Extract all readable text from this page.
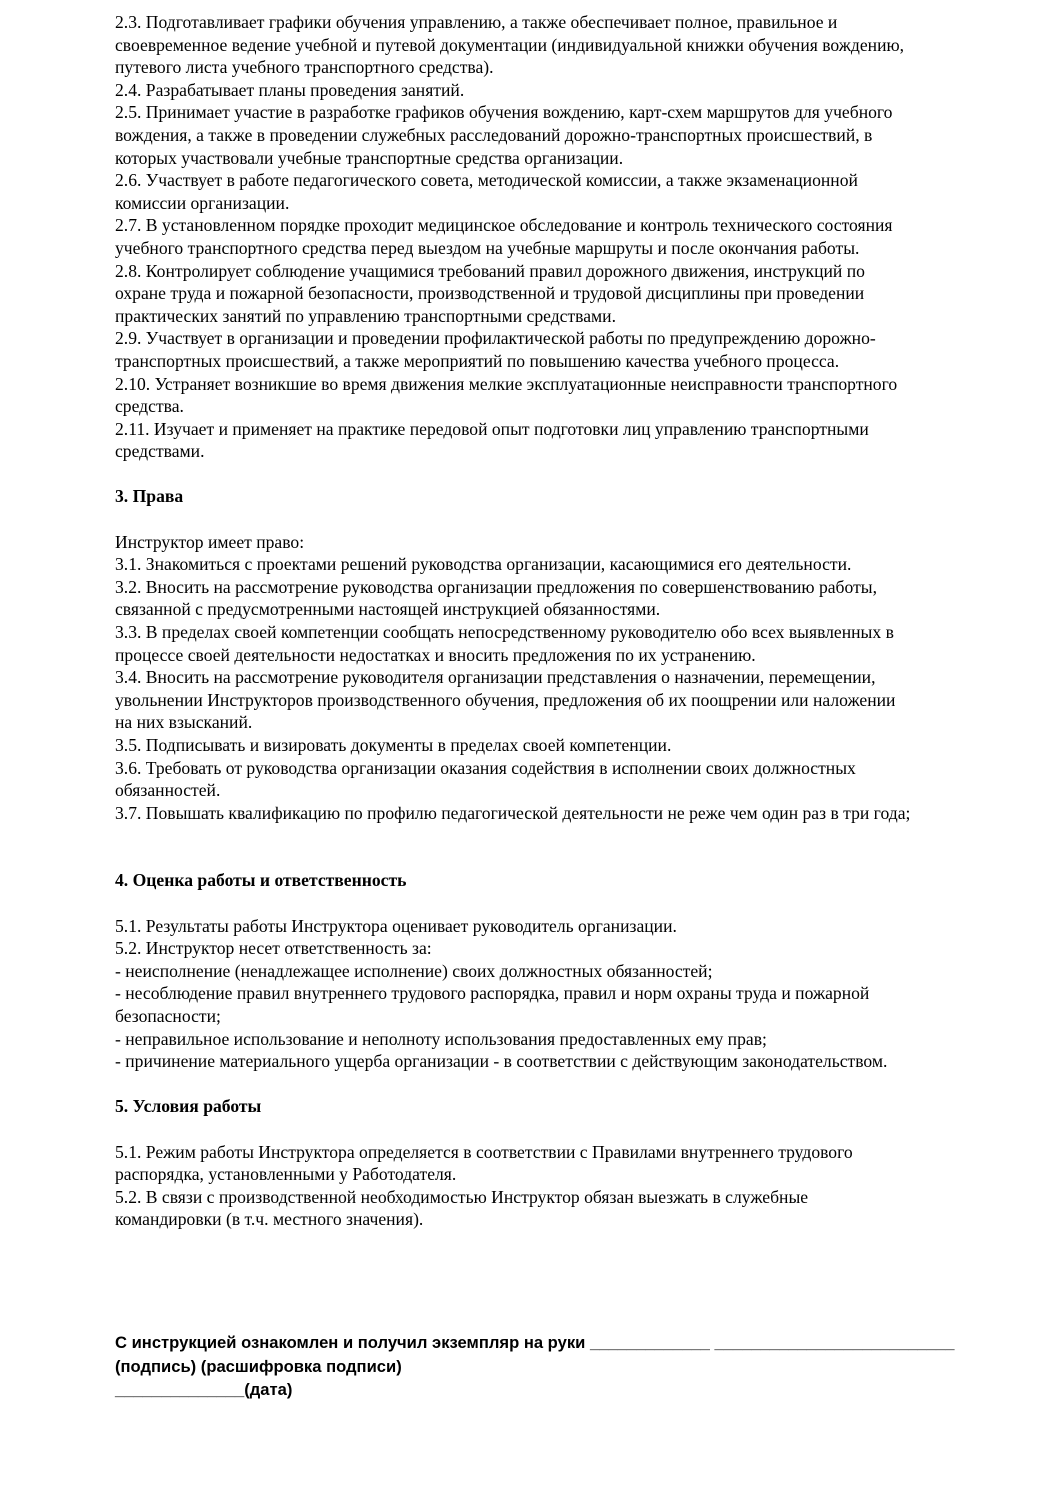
2.3. Подготавливает графики обучения управлению, а также обеспечивает полное, правильное и
своевременное ведение учебной и путевой документации (индивидуальной книжки обучения вождению,
путевого листа учебного транспортного средства).
2.4. Разрабатывает планы проведения занятий.
2.5. Принимает участие в разработке графиков обучения вождению, карт-схем маршрутов для учебного
вождения, а также в проведении служебных расследований дорожно-транспортных происшествий, в
которых участвовали учебные транспортные средства организации.
2.6. Участвует в работе педагогического совета, методической комиссии, а также экзаменационной
комиссии организации.
2.7. В установленном порядке проходит медицинское обследование и контроль технического состояния
учебного транспортного средства перед выездом на учебные маршруты и после окончания работы.
2.8. Контролирует соблюдение учащимися требований правил дорожного движения, инструкций по
охране труда и пожарной безопасности, производственной и трудовой дисциплины при проведении
практических занятий по управлению транспортными средствами.
2.9. Участвует в организации и проведении профилактической работы по предупреждению дорожно-
транспортных происшествий, а также мероприятий по повышению качества учебного процесса.
2.10. Устраняет возникшие во время движения мелкие эксплуатационные неисправности транспортного
средства.
2.11. Изучает и применяет на практике передовой опыт подготовки лиц управлению транспортными
средствами.
3. Права
Инструктор имеет право:
3.1. Знакомиться с проектами решений руководства организации, касающимися его деятельности.
3.2. Вносить на рассмотрение руководства организации предложения по совершенствованию работы,
связанной с предусмотренными настоящей инструкцией обязанностями.
3.3. В пределах своей компетенции сообщать непосредственному руководителю обо всех выявленных в
процессе своей деятельности недостатках и вносить предложения по их устранению.
3.4. Вносить на рассмотрение руководителя организации представления о назначении, перемещении,
увольнении Инструкторов производственного обучения, предложения об их поощрении или наложении
на них взысканий.
3.5. Подписывать и визировать документы в пределах своей компетенции.
3.6. Требовать от руководства организации оказания содействия в исполнении своих должностных
обязанностей.
3.7. Повышать квалификацию по профилю педагогической деятельности не реже чем один раз в три года;
4. Оценка работы и ответственность
5.1. Результаты работы Инструктора оценивает руководитель организации.
5.2. Инструктор несет ответственность за:
- неисполнение (ненадлежащее исполнение) своих должностных обязанностей;
- несоблюдение правил внутреннего трудового распорядка, правил и норм охраны труда и пожарной
безопасности;
- неправильное использование и неполноту использования предоставленных ему прав;
- причинение материального ущерба организации - в соответствии с действующим законодательством.
5. Условия работы
5.1. Режим работы Инструктора определяется в соответствии с Правилами внутреннего трудового
распорядка, установленными у Работодателя.
5.2. В связи с производственной необходимостью Инструктор обязан выезжать в служебные
командировки (в т.ч. местного значения).
С инструкцией ознакомлен и получил экземпляр на руки _____________ __________________________
(подпись) (расшифровка подписи)
______________(дата)
